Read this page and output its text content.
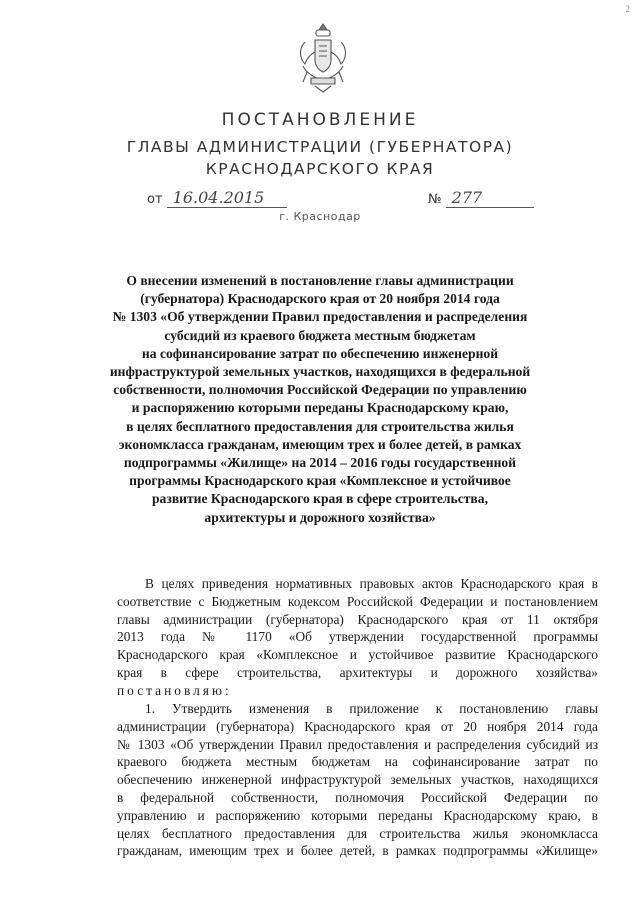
2
ПОСТАНОВЛЕНИЕ
ГЛАВЫ АДМИНИСТРАЦИИ (ГУБЕРНАТОРА)
КРАСНОДАРСКОГО КРАЯ
от 16.04.2015	№ 277
г. Краснодар
О внесении изменений в постановление главы администрации
(губернатора) Краснодарского края от 20 ноября 2014 года
№ 1303 «Об утверждении Правил предоставления и распределения
субсидий из краевого бюджета местным бюджетам
на софинансирование затрат по обеспечению инженерной
инфраструктурой земельных участков, находящихся в федеральной
собственности, полномочия Российской Федерации по управлению
и распоряжению которыми переданы Краснодарскому краю,
в целях бесплатного предоставления для строительства жилья
экономкласса гражданам, имеющим трех и более детей, в рамках
подпрограммы «Жилище» на 2014 – 2016 годы государственной
программы Краснодарского края «Комплексное и устойчивое
развитие Краснодарского края в сфере строительства,
архитектуры и дорожного хозяйства»
В целях приведения нормативных правовых актов Краснодарского края в
соответствие с Бюджетным кодексом Российской Федерации и постановлением
главы администрации (губернатора) Краснодарского края от 11 октября
2013 года № 1170 «Об утверждении государственной программы
Краснодарского края «Комплексное и устойчивое развитие Краснодарского
края в сфере строительства, архитектуры и дорожного хозяйства»
постановляю:
1. Утвердить изменения в приложение к постановлению главы
администрации (губернатора) Краснодарского края от 20 ноября 2014 года
№ 1303 «Об утверждении Правил предоставления и распределения субсидий из
краевого бюджета местным бюджетам на софинансирование затрат по
обеспечению инженерной инфраструктурой земельных участков, находящихся
в федеральной собственности, полномочия Российской Федерации по
управлению и распоряжению которыми переданы Краснодарскому краю, в
целях бесплатного предоставления для строительства жилья экономкласса
гражданам, имеющим трех и более детей, в рамках подпрограммы «Жилище»
